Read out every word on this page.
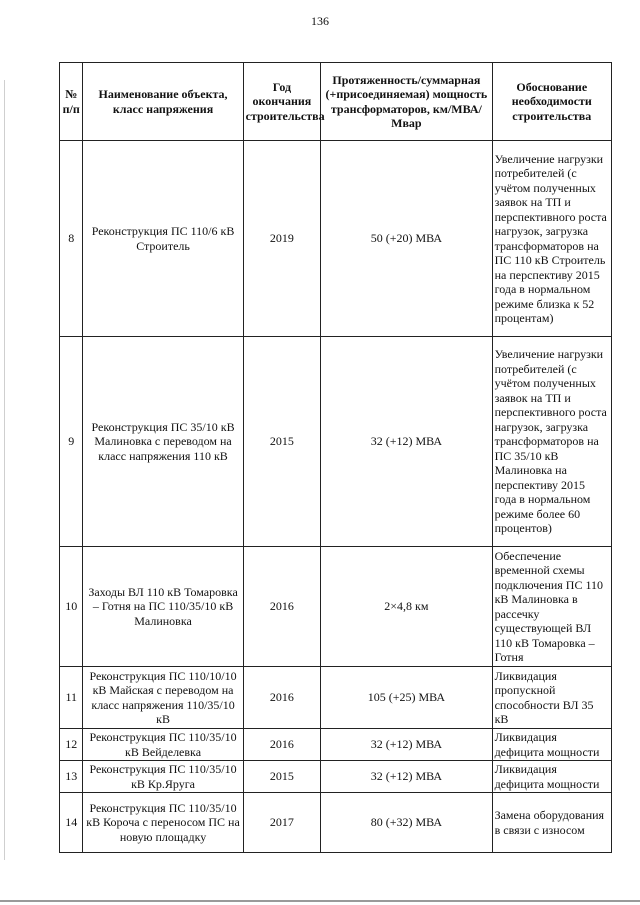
136
№ п/п	Наименование объекта, класс напряжения	Год окончания строительства	Протяженность/суммарная (+присоединяемая) мощность трансформаторов, км/МВА/Мвар	Обоснование необходимости строительства
8	Реконструкция ПС 110/6 кВ Строитель	2019	50 (+20) МВА	Увеличение нагрузки потребителей (с учётом полученных заявок на ТП и перспективного роста нагрузок, загрузка трансформаторов на ПС 110 кВ Строитель на перспективу 2015 года в нормальном режиме близка к 52 процентам)
9	Реконструкция ПС 35/10 кВ Малиновка с переводом на класс напряжения 110 кВ	2015	32 (+12) МВА	Увеличение нагрузки потребителей (с учётом полученных заявок на ТП и перспективного роста нагрузок, загрузка трансформаторов на ПС 35/10 кВ Малиновка на перспективу 2015 года в нормальном режиме более 60 процентов)
10	Заходы ВЛ 110 кВ Томаровка – Готня на ПС 110/35/10 кВ Малиновка	2016	2×4,8 км	Обеспечение временной схемы подключения ПС 110 кВ Малиновка в рассечку существующей ВЛ 110 кВ Томаровка – Готня
11	Реконструкция ПС 110/10/10 кВ Майская с переводом на класс напряжения 110/35/10 кВ	2016	105 (+25) МВА	Ликвидация пропускной способности ВЛ 35 кВ
12	Реконструкция ПС 110/35/10 кВ Вейделевка	2016	32 (+12) МВА	Ликвидация дефицита мощности
13	Реконструкция ПС 110/35/10 кВ Кр.Яруга	2015	32 (+12) МВА	Ликвидация дефицита мощности
14	Реконструкция ПС 110/35/10 кВ Короча с переносом ПС на новую площадку	2017	80 (+32) МВА	Замена оборудования в связи с износом
